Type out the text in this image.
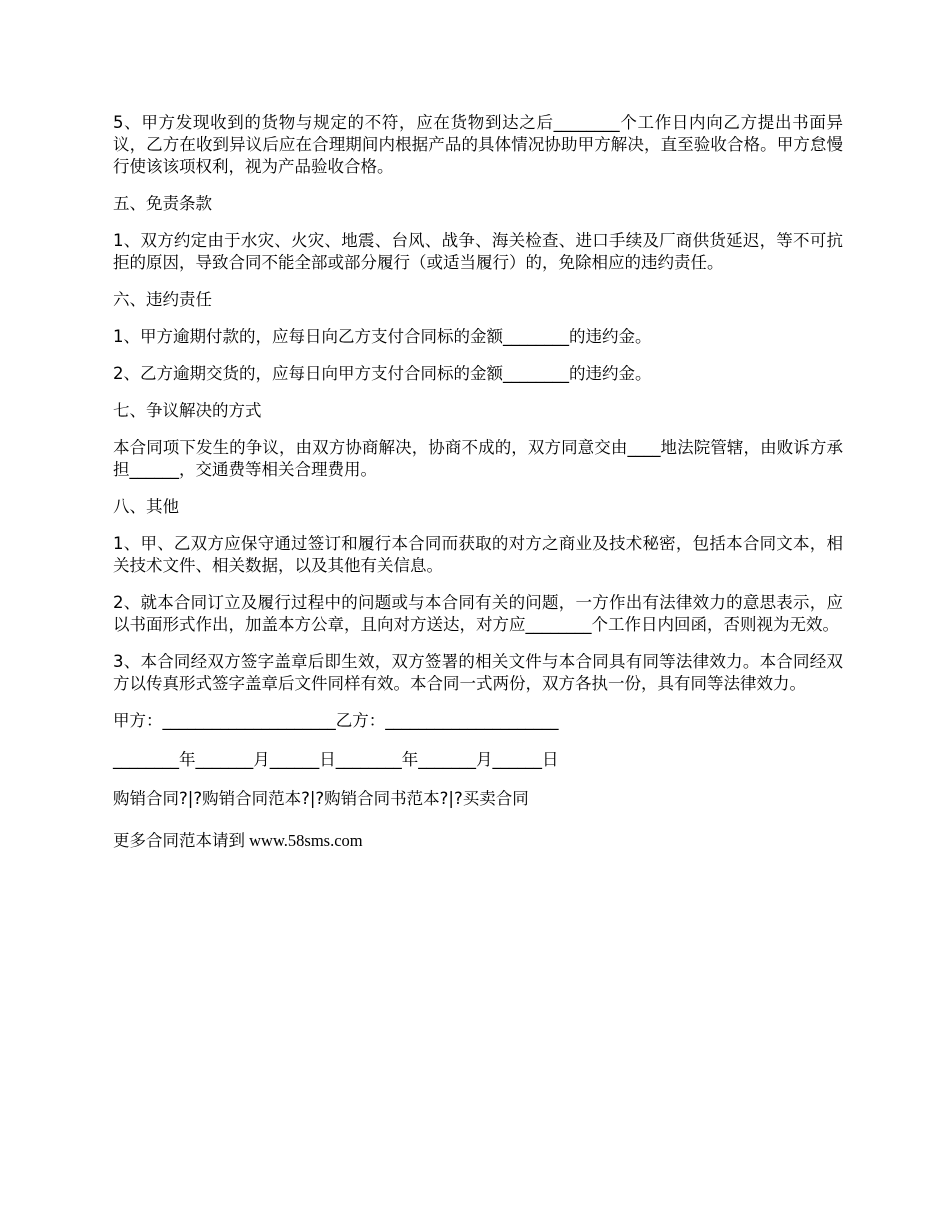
5、甲方发现收到的货物与规定的不符，应在货物到达之后________个工作日内向乙方提出书面异议，乙方在收到异议后应在合理期间内根据产品的具体情况协助甲方解决，直至验收合格。甲方怠慢行使该该项权利，视为产品验收合格。

五、免责条款

1、双方约定由于水灾、火灾、地震、台风、战争、海关检查、进口手续及厂商供货延迟，等不可抗拒的原因，导致合同不能全部或部分履行（或适当履行）的，免除相应的违约责任。

六、违约责任

1、甲方逾期付款的，应每日向乙方支付合同标的金额________的违约金。

2、乙方逾期交货的，应每日向甲方支付合同标的金额________的违约金。

七、争议解决的方式

本合同项下发生的争议，由双方协商解决，协商不成的，双方同意交由____地法院管辖，由败诉方承担______，交通费等相关合理费用。

八、其他

1、甲、乙双方应保守通过签订和履行本合同而获取的对方之商业及技术秘密，包括本合同文本，相关技术文件、相关数据，以及其他有关信息。

2、就本合同订立及履行过程中的问题或与本合同有关的问题，一方作出有法律效力的意思表示，应以书面形式作出，加盖本方公章，且向对方送达，对方应________个工作日内回函，否则视为无效。

3、本合同经双方签字盖章后即生效，双方签署的相关文件与本合同具有同等法律效力。本合同经双方以传真形式签字盖章后文件同样有效。本合同一式两份，双方各执一份，具有同等法律效力。

甲方：_____________________乙方：_____________________

________年_______月______日________年_______月______日

购销合同?|?购销合同范本?|?购销合同书范本?|?买卖合同

更多合同范本请到 www.58sms.com
